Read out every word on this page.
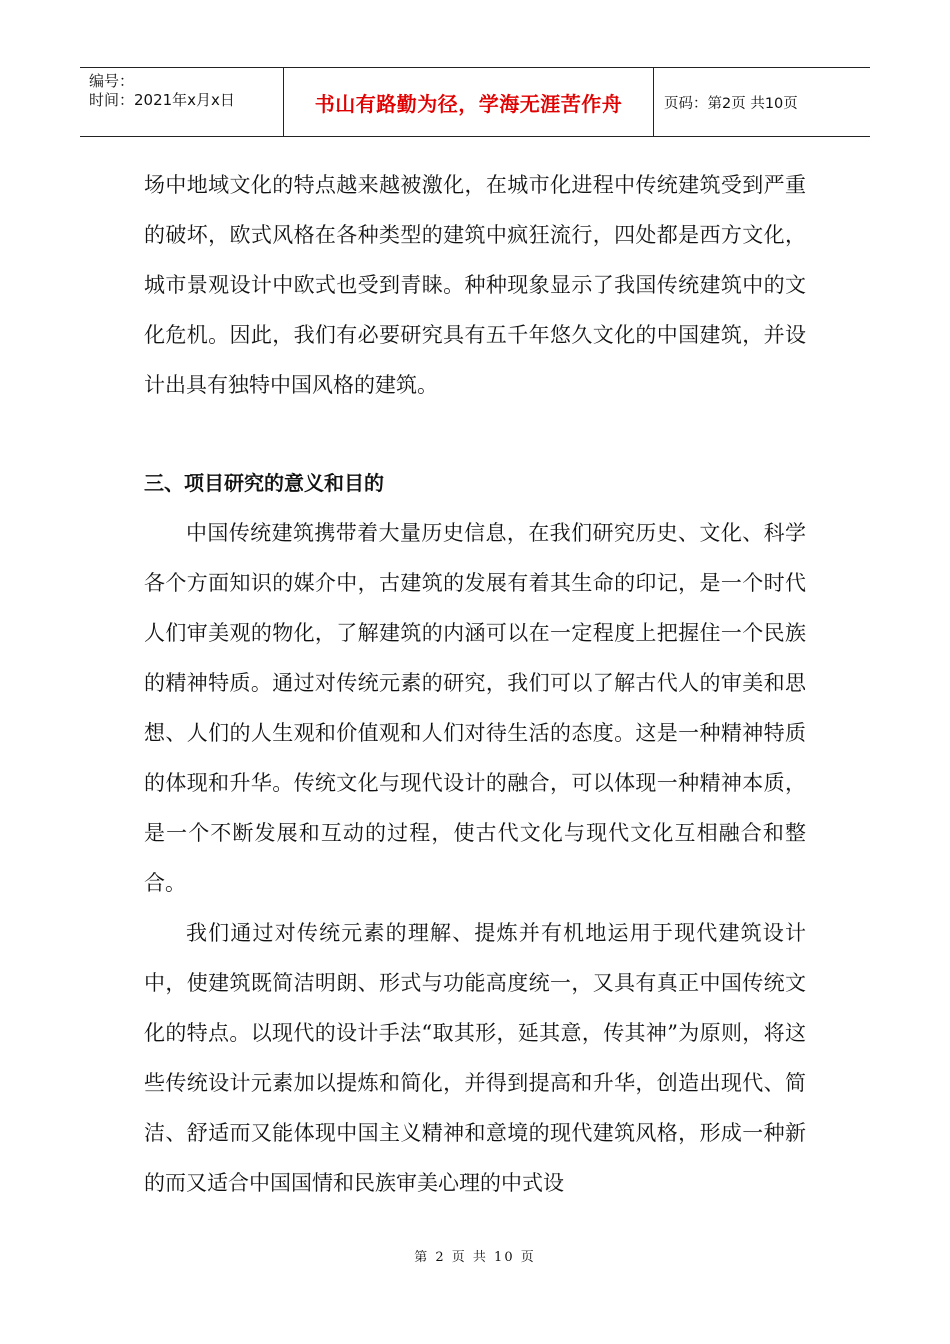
编号：
时间：2021年x月x日	书山有路勤为径，学海无涯苦作舟	页码：第2页 共10页

场中地域文化的特点越来越被激化，在城市化进程中传统建筑受到严重的破坏，欧式风格在各种类型的建筑中疯狂流行，四处都是西方文化，城市景观设计中欧式也受到青睐。种种现象显示了我国传统建筑中的文化危机。因此，我们有必要研究具有五千年悠久文化的中国建筑，并设计出具有独特中国风格的建筑。

三、项目研究的意义和目的

中国传统建筑携带着大量历史信息，在我们研究历史、文化、科学各个方面知识的媒介中，古建筑的发展有着其生命的印记，是一个时代人们审美观的物化，了解建筑的内涵可以在一定程度上把握住一个民族的精神特质。通过对传统元素的研究，我们可以了解古代人的审美和思想、人们的人生观和价值观和人们对待生活的态度。这是一种精神特质的体现和升华。传统文化与现代设计的融合，可以体现一种精神本质，是一个不断发展和互动的过程，使古代文化与现代文化互相融合和整合。

我们通过对传统元素的理解、提炼并有机地运用于现代建筑设计中，使建筑既简洁明朗、形式与功能高度统一，又具有真正中国传统文化的特点。以现代的设计手法“取其形，延其意，传其神”为原则，将这些传统设计元素加以提炼和简化，并得到提高和升华，创造出现代、简洁、舒适而又能体现中国主义精神和意境的现代建筑风格，形成一种新的而又适合中国国情和民族审美心理的中式设

第 2 页 共 10 页
